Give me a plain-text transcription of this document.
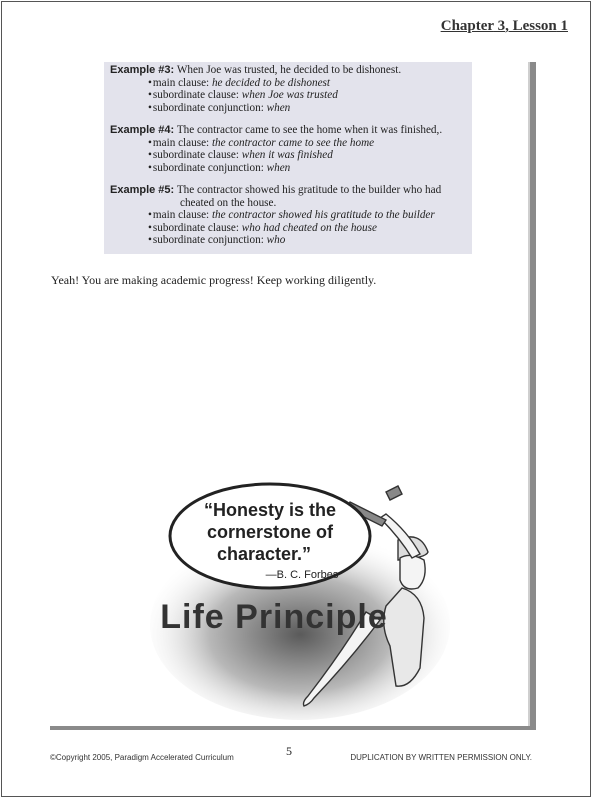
Chapter 3, Lesson 1
Example #3: When Joe was trusted, he decided to be dishonest.
• main clause: he decided to be dishonest
• subordinate clause: when Joe was trusted
• subordinate conjunction: when
Example #4: The contractor came to see the home when it was finished,.
• main clause: the contractor came to see the home
• subordinate clause: when it was finished
• subordinate conjunction: when
Example #5: The contractor showed his gratitude to the builder who had
cheated on the house.
• main clause: the contractor showed his gratitude to the builder
• subordinate clause: who had cheated on the house
• subordinate conjunction: who
Yeah! You are making academic progress! Keep working diligently.
“Honesty is the
cornerstone of
character.”
—B. C. Forbes
Life Principle
©Copyright 2005, Paradigm Accelerated Curriculum	5	DUPLICATION BY WRITTEN PERMISSION ONLY.
